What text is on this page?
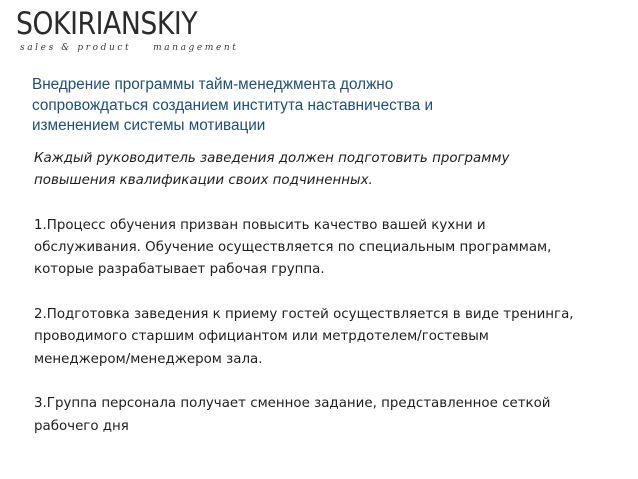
SOKIRIANSKIY
sales & product    management
Внедрение программы тайм-менеджмента должно
сопровождаться созданием института наставничества и
изменением системы мотивации

Каждый руководитель заведения должен подготовить программу
повышения квалификации своих подчиненных.

1.Процесс обучения призван повысить качество вашей кухни и
обслуживания. Обучение осуществляется по специальным программам,
которые разрабатывает рабочая группа.

2.Подготовка заведения к приему гостей осуществляется в виде тренинга,
проводимого старшим официантом или метрдотелем/гостевым
менеджером/менеджером зала.

3.Группа персонала получает сменное задание, представленное сеткой
рабочего дня
